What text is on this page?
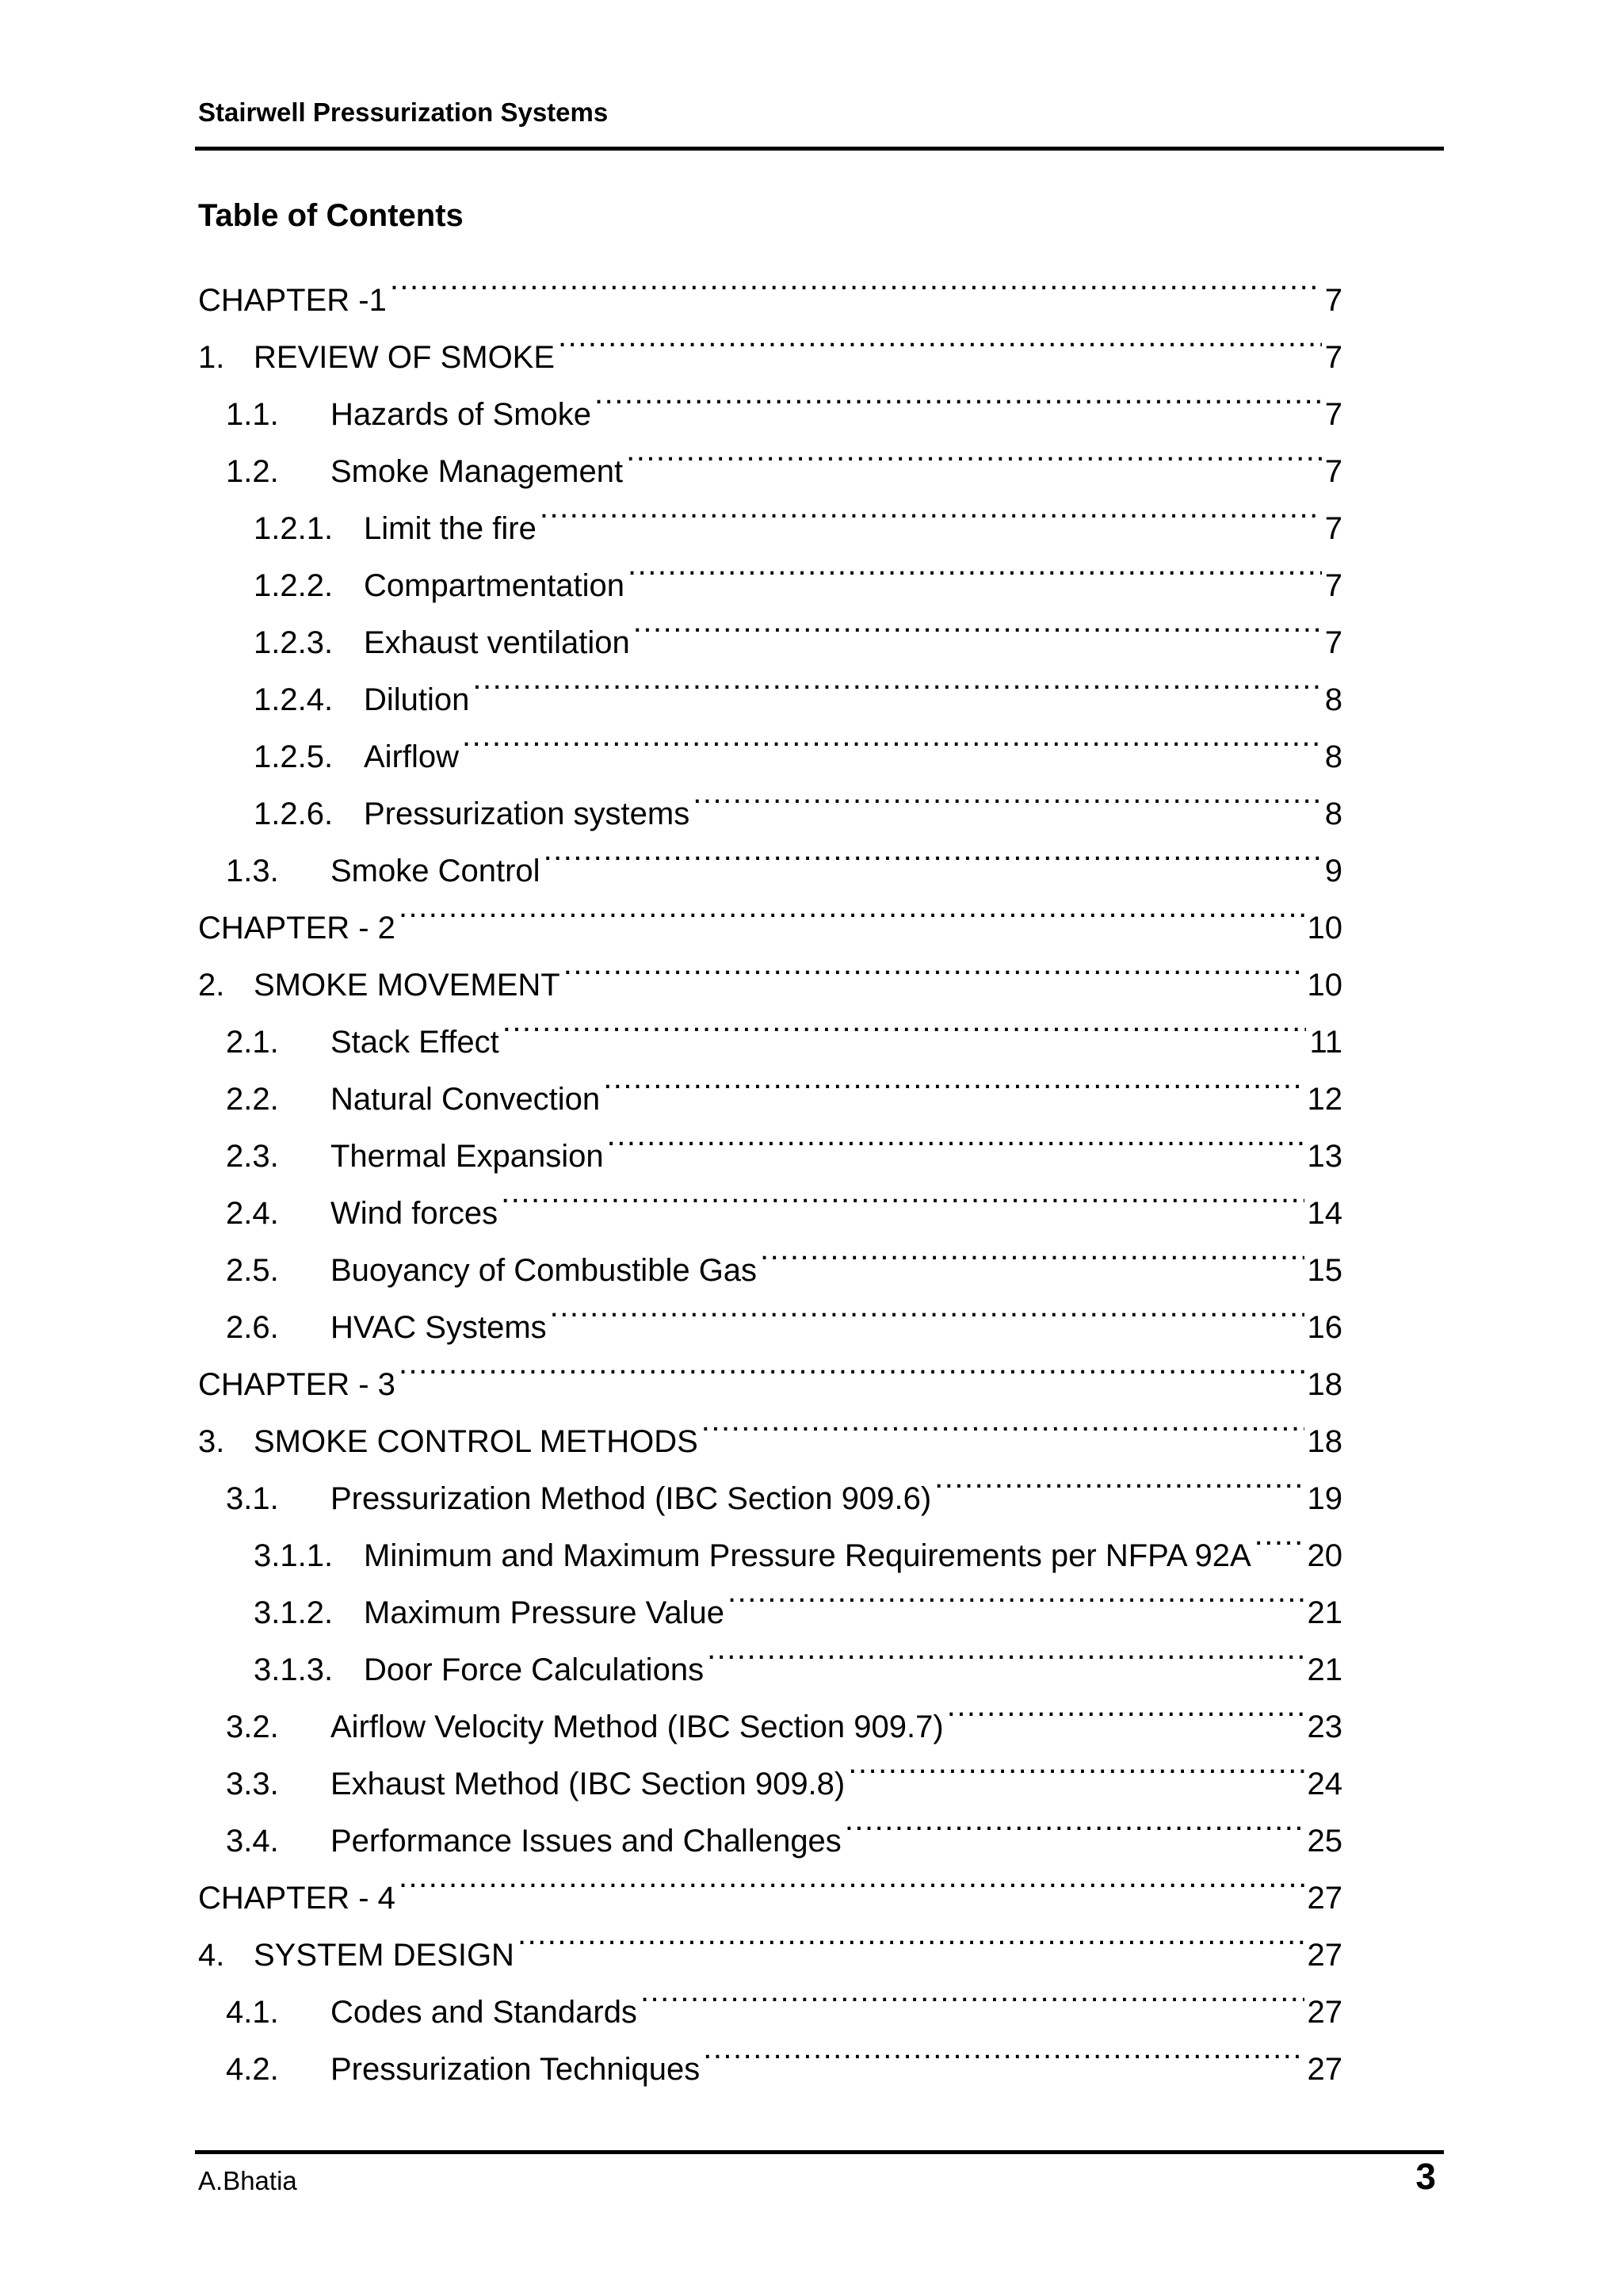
Stairwell Pressurization Systems
Table of Contents
CHAPTER -1 .....	7
1. REVIEW OF SMOKE .....	7
1.1.	Hazards of Smoke .....	7
1.2.	Smoke Management .....	7
1.2.1. Limit the fire .....	7
1.2.2. Compartmentation .....	7
1.2.3. Exhaust ventilation .....	7
1.2.4. Dilution .....	8
1.2.5. Airflow .....	8
1.2.6. Pressurization systems .....	8
1.3.	Smoke Control .....	9
CHAPTER - 2 .....	10
2. SMOKE MOVEMENT .....	10
2.1.	Stack Effect .....	11
2.2.	Natural Convection .....	12
2.3.	Thermal Expansion .....	13
2.4.	Wind forces .....	14
2.5.	Buoyancy of Combustible Gas .....	15
2.6.	HVAC Systems .....	16
CHAPTER - 3 .....	18
3. SMOKE CONTROL METHODS .....	18
3.1.	Pressurization Method (IBC Section 909.6) .....	19
3.1.1. Minimum and Maximum Pressure Requirements per NFPA 92A ..... 20
3.1.2. Maximum Pressure Value .....	21
3.1.3. Door Force Calculations .....	21
3.2.	Airflow Velocity Method (IBC Section 909.7) .....	23
3.3.	Exhaust Method (IBC Section 909.8) .....	24
3.4.	Performance Issues and Challenges .....	25
CHAPTER - 4 .....	27
4. SYSTEM DESIGN .....	27
4.1.	Codes and Standards .....	27
4.2.	Pressurization Techniques .....	27
A.Bhatia	3
